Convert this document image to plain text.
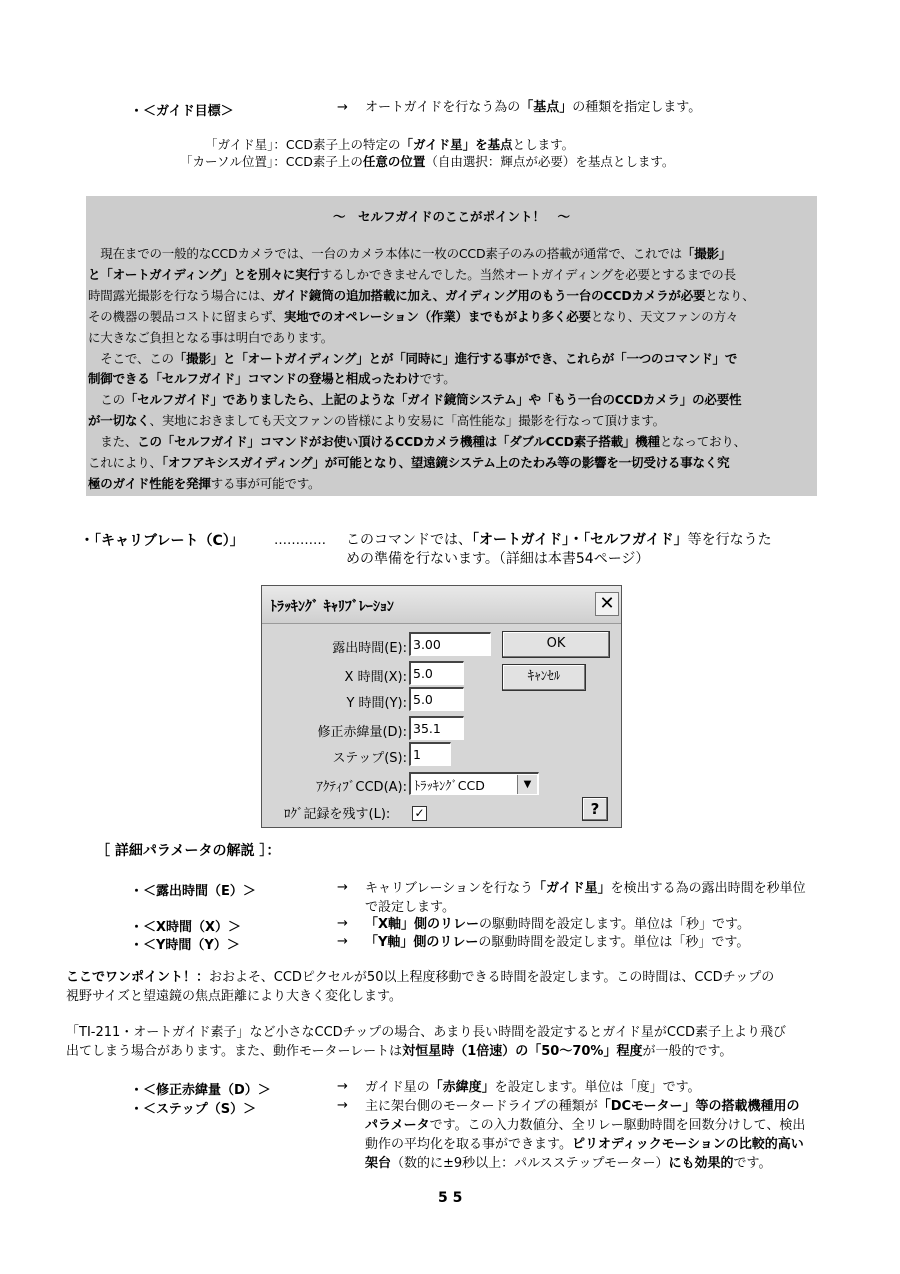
・＜ガイド目標＞	→ オートガイドを行なう為の「基点」の種類を指定します。
「ガイド星」：CCD素子上の特定の「ガイド星」を基点とします。
「カーソル位置」：CCD素子上の任意の位置（自由選択：輝点が必要）を基点とします。
～　セルフガイドのここがポイント！　～

　現在までの一般的なCCDカメラでは、一台のカメラ本体に一枚のCCD素子のみの搭載が通常で、これでは「撮影」

と「オートガイディング」とを別々に実行するしかできませんでした。当然オートガイディングを必要とするまでの長

時間露光撮影を行なう場合には、ガイド鏡筒の追加搭載に加え、ガイディング用のもう一台のCCDカメラが必要となり、

その機器の製品コストに留まらず、実地でのオペレーション（作業）までもがより多く必要となり、天文ファンの方々

に大きなご負担となる事は明白であります。

　そこで、この「撮影」と「オートガイディング」とが「同時に」進行する事ができ、これらが「一つのコマンド」で

制御できる「セルフガイド」コマンドの登場と相成ったわけです。

　この「セルフガイド」でありましたら、上記のような「ガイド鏡筒システム」や「もう一台のCCDカメラ」の必要性

が一切なく、実地におきましても天文ファンの皆様により安易に「高性能な」撮影を行なって頂けます。

　また、この「セルフガイド」コマンドがお使い頂けるCCDカメラ機種は「ダブルCCD素子搭載」機種となっており、

これにより、「オフアキシスガイディング」が可能となり、望遠鏡システム上のたわみ等の影響を一切受ける事なく究

極のガイド性能を発揮する事が可能です。

・「キャリブレート（C）」 ………… このコマンドでは、「オートガイド」・「セルフガイド」等を行なうた
めの準備を行ないます。（詳細は本書54ページ）
ﾄﾗｯｷﾝｸﾞ ｷｬﾘﾌﾞﾚｰｼｮﾝ	✕
露出時間(E): 3.00
X 時間(X): 5.0
Y 時間(Y): 5.0
修正赤緯量(D): 35.1
ステップ(S): 1
ｱｸﾃｨﾌﾞCCD(A): ﾄﾗｯｷﾝｸﾞCCD	▼
ﾛｸﾞ記録を残す(L): ✓
OK
ｷｬﾝｾﾙ
?
［ 詳細パラメータの解説 ］：
・＜露出時間（E）＞	→ キャリブレーションを行なう「ガイド星」を検出する為の露出時間を秒単位
で設定します。
・＜X時間（X）＞	→ 「X軸」側のリレーの駆動時間を設定します。単位は「秒」です。
・＜Y時間（Y）＞	→ 「Y軸」側のリレーの駆動時間を設定します。単位は「秒」です。
ここでワンポイント！：おおよそ、CCDピクセルが50以上程度移動できる時間を設定します。この時間は、CCDチップの
視野サイズと望遠鏡の焦点距離により大きく変化します。
「TI-211・オートガイド素子」など小さなCCDチップの場合、あまり長い時間を設定するとガイド星がCCD素子上より飛び
出てしまう場合があります。また、動作モーターレートは対恒星時（1倍速）の「50～70%」程度が一般的です。
・＜修正赤緯量（D）＞	→ ガイド星の「赤緯度」を設定します。単位は「度」です。
・＜ステップ（S）＞	→ 主に架台側のモータードライブの種類が「DCモーター」等の搭載機種用の
パラメータです。この入力数値分、全リレー駆動時間を回数分けして、検出
動作の平均化を取る事ができます。ピリオディックモーションの比較的高い
架台（数的に±9秒以上：パルスステップモーター）にも効果的です。
5 5
